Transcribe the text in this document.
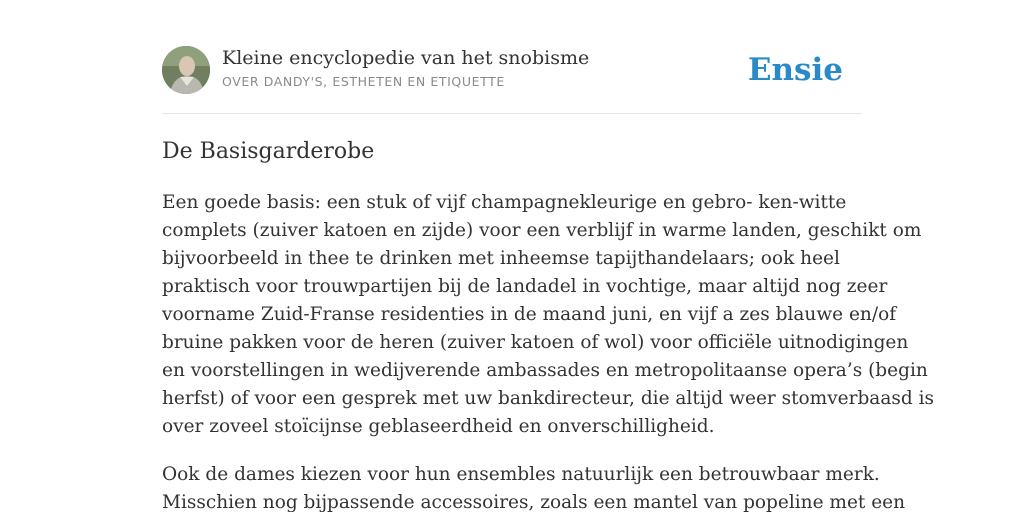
Kleine encyclopedie van het snobisme
OVER DANDY'S, ESTHETEN EN ETIQUETTE	Ensie
De Basisgarderobe
Een goede basis: een stuk of vijf champagnekleurige en gebro- ken-witte
complets (zuiver katoen en zijde) voor een verblijf in warme landen, geschikt om
bijvoorbeeld in thee te drinken met inheemse tapijthandelaars; ook heel
praktisch voor trouwpartijen bij de landadel in vochtige, maar altijd nog zeer
voorname Zuid-Franse residenties in de maand juni, en vijf a zes blauwe en/of
bruine pakken voor de heren (zuiver katoen of wol) voor officiële uitnodigingen
en voorstellingen in wedijverende ambassades en metropolitaanse opera’s (begin
herfst) of voor een gesprek met uw bankdirecteur, die altijd weer stomverbaasd is
over zoveel stoïcijnse geblaseerdheid en onverschilligheid.
Ook de dames kiezen voor hun ensembles natuurlijk een betrouwbaar merk.
Misschien nog bijpassende accessoires, zoals een mantel van popeline met een
